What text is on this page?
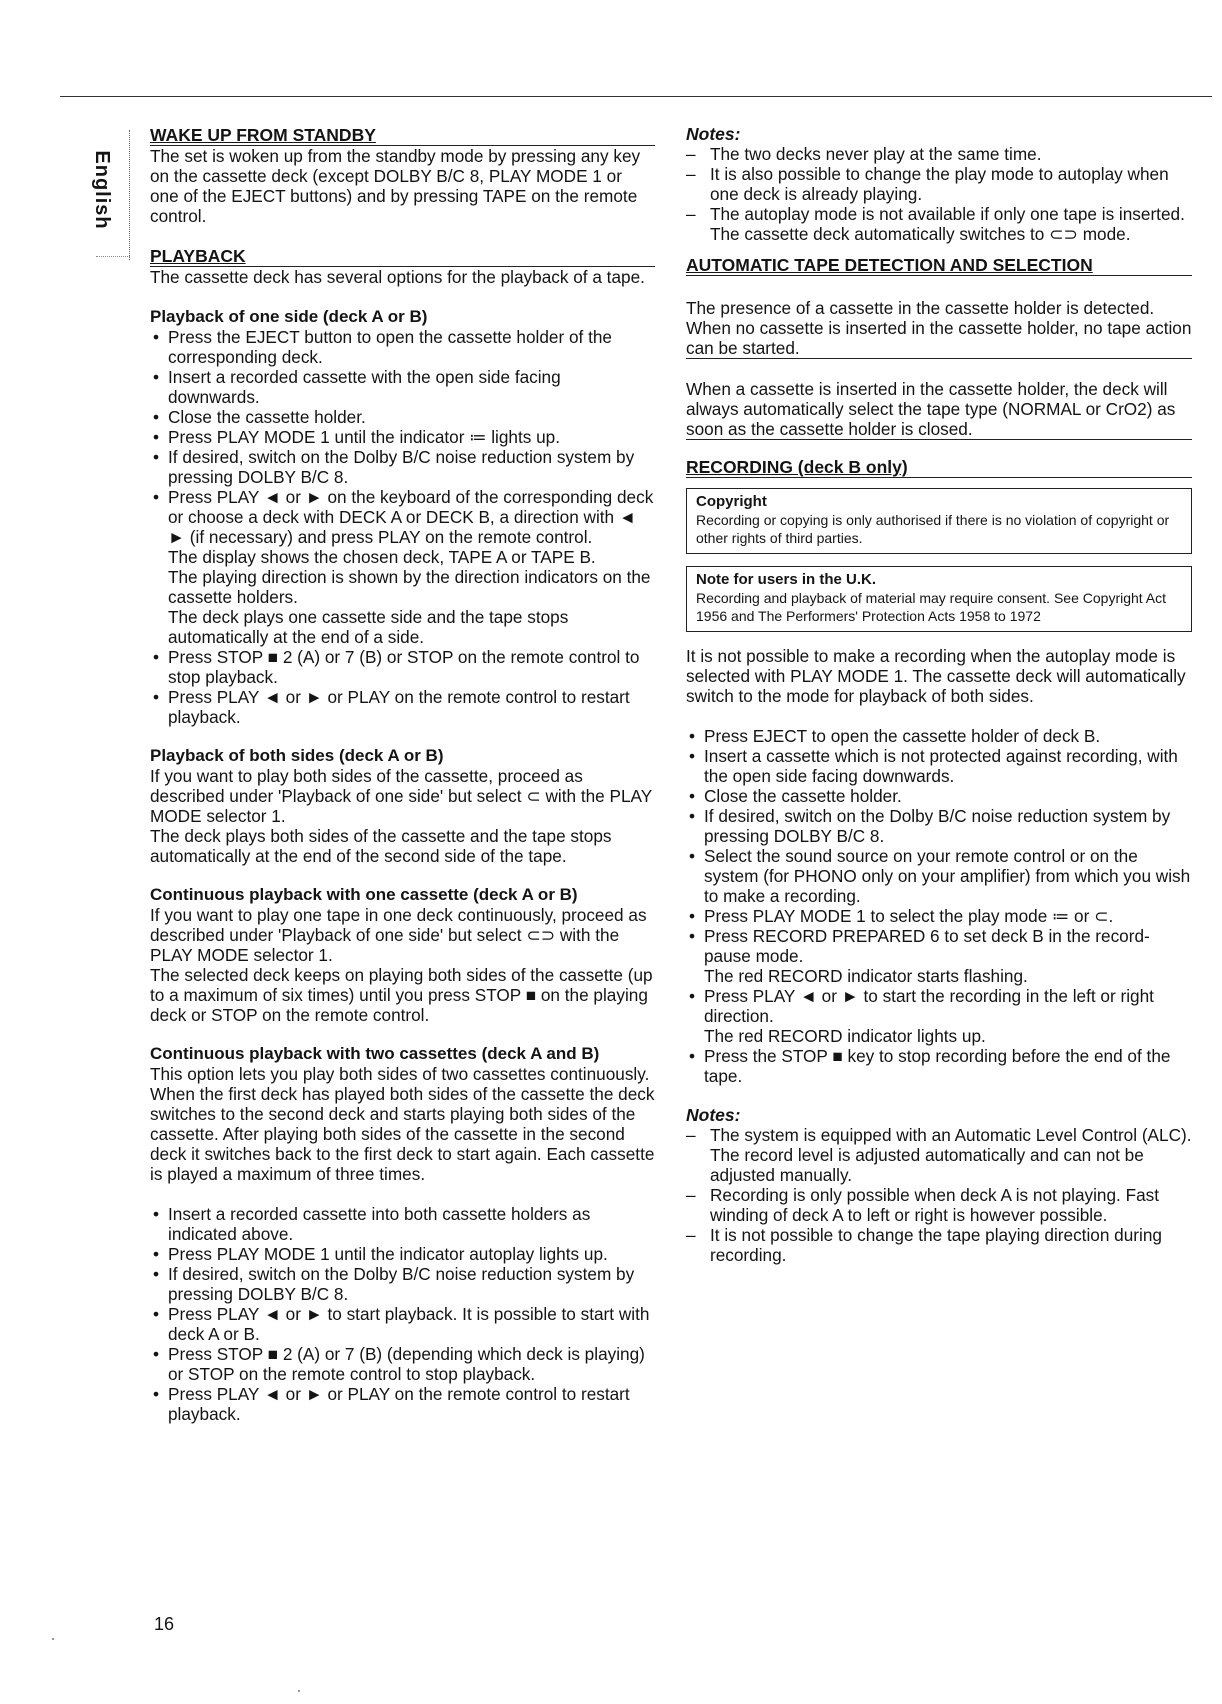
English
WAKE UP FROM STANDBY

The set is woken up from the standby mode by pressing any key on the cassette deck (except DOLBY B/C 8, PLAY MODE 1 or one of the EJECT buttons) and by pressing TAPE on the remote control.

PLAYBACK

The cassette deck has several options for the playback of a tape.

Playback of one side (deck A or B)
• Press the EJECT button to open the cassette holder of the corresponding deck.
• Insert a recorded cassette with the open side facing downwards.
• Close the cassette holder.
• Press PLAY MODE 1 until the indicator ≔ lights up.
• If desired, switch on the Dolby B/C noise reduction system by pressing DOLBY B/C 8.
• Press PLAY ◄ or ► on the keyboard of the corresponding deck or choose a deck with DECK A or DECK B, a direction with ◄ ► (if necessary) and press PLAY on the remote control.
The display shows the chosen deck, TAPE A or TAPE B.
The playing direction is shown by the direction indicators on the cassette holders.
The deck plays one cassette side and the tape stops automatically at the end of a side.
• Press STOP ■ 2 (A) or 7 (B) or STOP on the remote control to stop playback.
• Press PLAY ◄ or ► or PLAY on the remote control to restart playback.
Playback of both sides (deck A or B)

If you want to play both sides of the cassette, proceed as described under 'Playback of one side' but select ⊂ with the PLAY MODE selector 1.

The deck plays both sides of the cassette and the tape stops automatically at the end of the second side of the tape.

Continuous playback with one cassette (deck A or B)

If you want to play one tape in one deck continuously, proceed as described under 'Playback of one side' but select ⊂⊃ with the PLAY MODE selector 1.

The selected deck keeps on playing both sides of the cassette (up to a maximum of six times) until you press STOP ■ on the playing deck or STOP on the remote control.

Continuous playback with two cassettes (deck A and B)

This option lets you play both sides of two cassettes continuously. When the first deck has played both sides of the cassette the deck switches to the second deck and starts playing both sides of the cassette. After playing both sides of the cassette in the second deck it switches back to the first deck to start again. Each cassette is played a maximum of three times.

• Insert a recorded cassette into both cassette holders as indicated above.
• Press PLAY MODE 1 until the indicator autoplay lights up.
• If desired, switch on the Dolby B/C noise reduction system by pressing DOLBY B/C 8.
• Press PLAY ◄ or ► to start playback. It is possible to start with deck A or B.
• Press STOP ■ 2 (A) or 7 (B) (depending which deck is playing) or STOP on the remote control to stop playback.
• Press PLAY ◄ or ► or PLAY on the remote control to restart playback.

Notes:

– The two decks never play at the same time.
– It is also possible to change the play mode to autoplay when one deck is already playing.
– The autoplay mode is not available if only one tape is inserted. The cassette deck automatically switches to ⊂⊃ mode.
AUTOMATIC TAPE DETECTION AND SELECTION

The presence of a cassette in the cassette holder is detected. When no cassette is inserted in the cassette holder, no tape action can be started.

When a cassette is inserted in the cassette holder, the deck will always automatically select the tape type (NORMAL or CrO2) as soon as the cassette holder is closed.

RECORDING (deck B only)
Copyright
Recording or copying is only authorised if there is no violation of copyright or other rights of third parties.
Note for users in the U.K.
Recording and playback of material may require consent. See Copyright Act 1956 and The Performers' Protection Acts 1958 to 1972

It is not possible to make a recording when the autoplay mode is selected with PLAY MODE 1. The cassette deck will automatically switch to the mode for playback of both sides.

• Press EJECT to open the cassette holder of deck B.
• Insert a cassette which is not protected against recording, with the open side facing downwards.
• Close the cassette holder.
• If desired, switch on the Dolby B/C noise reduction system by pressing DOLBY B/C 8.
• Select the sound source on your remote control or on the system (for PHONO only on your amplifier) from which you wish to make a recording.
• Press PLAY MODE 1 to select the play mode ≔ or ⊂.
• Press RECORD PREPARED 6 to set deck B in the record-pause mode.
The red RECORD indicator starts flashing.
• Press PLAY ◄ or ► to start the recording in the left or right direction.
The red RECORD indicator lights up.
• Press the STOP ■ key to stop recording before the end of the tape.

Notes:

– The system is equipped with an Automatic Level Control (ALC). The record level is adjusted automatically and can not be adjusted manually.
– Recording is only possible when deck A is not playing. Fast winding of deck A to left or right is however possible.
– It is not possible to change the tape playing direction during recording.
16
